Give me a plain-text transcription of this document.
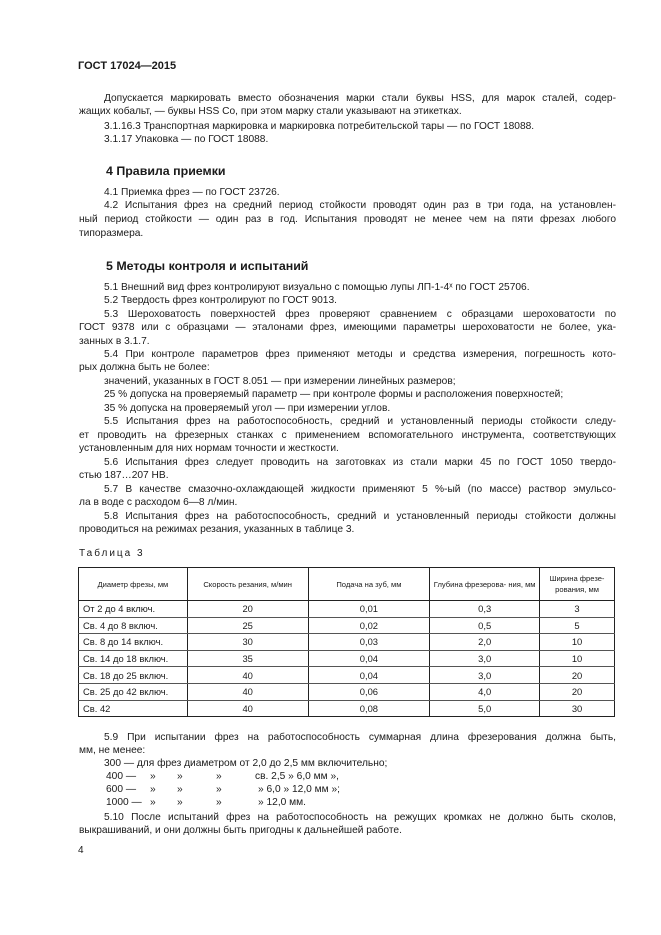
ГОСТ 17024—2015
Допускается маркировать вместо обозначения марки стали буквы HSS, для марок сталей, содер-
жащих кобальт, — буквы HSS Co, при этом марку стали указывают на этикетках.
3.1.16.3 Транспортная маркировка и маркировка потребительской тары — по ГОСТ 18088.
3.1.17 Упаковка — по ГОСТ 18088.
4 Правила приемки
4.1 Приемка фрез — по ГОСТ 23726.
4.2 Испытания фрез на средний период стойкости проводят один раз в три года, на установлен-
ный период стойкости — один раз в год. Испытания проводят не менее чем на пяти фрезах любого
типоразмера.
5 Методы контроля и испытаний
5.1 Внешний вид фрез контролируют визуально с помощью лупы ЛП-1-4ˣ по ГОСТ 25706.
5.2 Твердость фрез контролируют по ГОСТ 9013.
5.3 Шероховатость поверхностей фрез проверяют сравнением с образцами шероховатости по
ГОСТ 9378 или с образцами — эталонами фрез, имеющими параметры шероховатости не более, ука-
занных в 3.1.7.
5.4 При контроле параметров фрез применяют методы и средства измерения, погрешность кото-
рых должна быть не более:
значений, указанных в ГОСТ 8.051 — при измерении линейных размеров;
25 % допуска на проверяемый параметр — при контроле формы и расположения поверхностей;
35 % допуска на проверяемый угол — при измерении углов.
5.5 Испытания фрез на работоспособность, средний и установленный периоды стойкости следу-
ет проводить на фрезерных станках с применением вспомогательного инструмента, соответствующих
установленным для них нормам точности и жесткости.
5.6 Испытания фрез следует проводить на заготовках из стали марки 45 по ГОСТ 1050 твердо-
стью 187…207 НВ.
5.7 В качестве смазочно-охлаждающей жидкости применяют 5 %-ый (по массе) раствор эмульсо-
ла в воде с расходом 6—8 л/мин.
5.8 Испытания фрез на работоспособность, средний и установленный периоды стойкости должны
проводиться на режимах резания, указанных в таблице 3.
Таблица 3
Диаметр фрезы, мм	Скорость резания, м/мин	Подача на зуб, мм	Глубина фрезерова- ния, мм	Ширина фрезе- рования, мм
От 2 до 4 включ.	20	0,01	0,3	3
Св. 4 до 8 включ.	25	0,02	0,5	5
Св. 8 до 14 включ.	30	0,03	2,0	10
Св. 14 до 18 включ.	35	0,04	3,0	10
Св. 18 до 25 включ.	40	0,04	3,0	20
Св. 25 до 42 включ.	40	0,06	4,0	20
Св. 42	40	0,08	5,0	30
5.9 При испытании фрез на работоспособность суммарная длина фрезерования должна быть,
мм, не менее:
300 — для фрез диаметром от 2,0 до 2,5 мм включительно;
400 — » »	»	св. 2,5 » 6,0 мм »,
600 — » »	»	» 6,0 » 12,0 мм »;
1000 — » »	»	» 12,0 мм.
5.10 После испытаний фрез на работоспособность на режущих кромках не должно быть сколов,
выкрашиваний, и они должны быть пригодны к дальнейшей работе.
4
